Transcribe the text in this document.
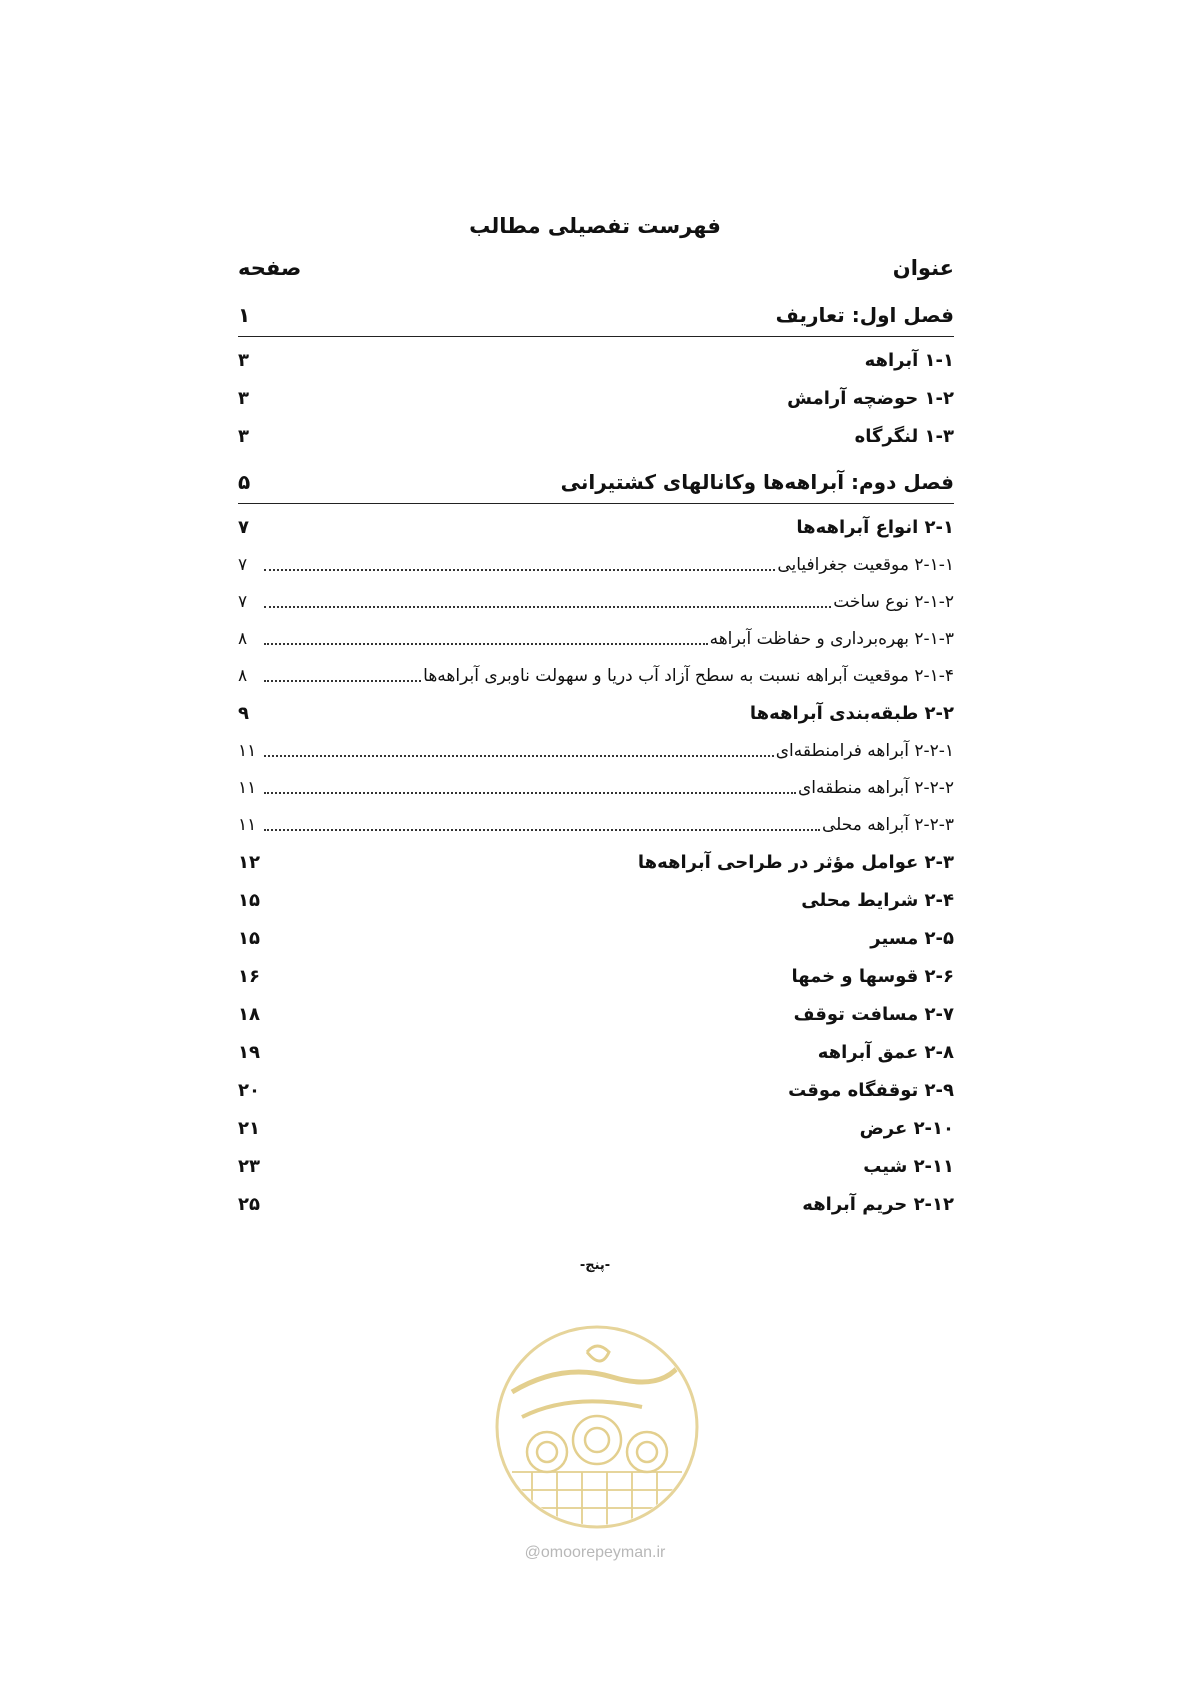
فهرست تفصیلی مطالب
عنوان
صفحه
فصل اول: تعاریف
۱
۱-۱ آبراهه
۳
۱-۲ حوضچه آرامش
۳
۱-۳ لنگرگاه
۳
فصل دوم: آبراهه‌ها وکانالهای کشتیرانی
۵
۲-۱ انواع آبراهه‌ها
۷
۲-۱-۱ موقعیت جغرافیایی
۷
۲-۱-۲ نوع ساخت
۷
۲-۱-۳ بهره‌برداری و حفاظت آبراهه
۸
۲-۱-۴ موقعیت آبراهه نسبت به سطح آزاد آب دریا و سهولت ناوبری آبراهه‌ها
۸
۲-۲ طبقه‌بندی آبراهه‌ها
۹
۲-۲-۱ آبراهه فرامنطقه‌ای
۱۱
۲-۲-۲ آبراهه منطقه‌ای
۱۱
۲-۲-۳ آبراهه محلی
۱۱
۲-۳ عوامل مؤثر در طراحی آبراهه‌ها
۱۲
۲-۴ شرایط محلی
۱۵
۲-۵ مسیر
۱۵
۲-۶ قوسها و خمها
۱۶
۲-۷ مسافت توقف
۱۸
۲-۸ عمق آبراهه
۱۹
۲-۹ توقفگاه موقت
۲۰
۲-۱۰ عرض
۲۱
۲-۱۱ شیب
۲۳
۲-۱۲ حریم آبراهه
۲۵
-پنج-
@omoorepeyman.ir
